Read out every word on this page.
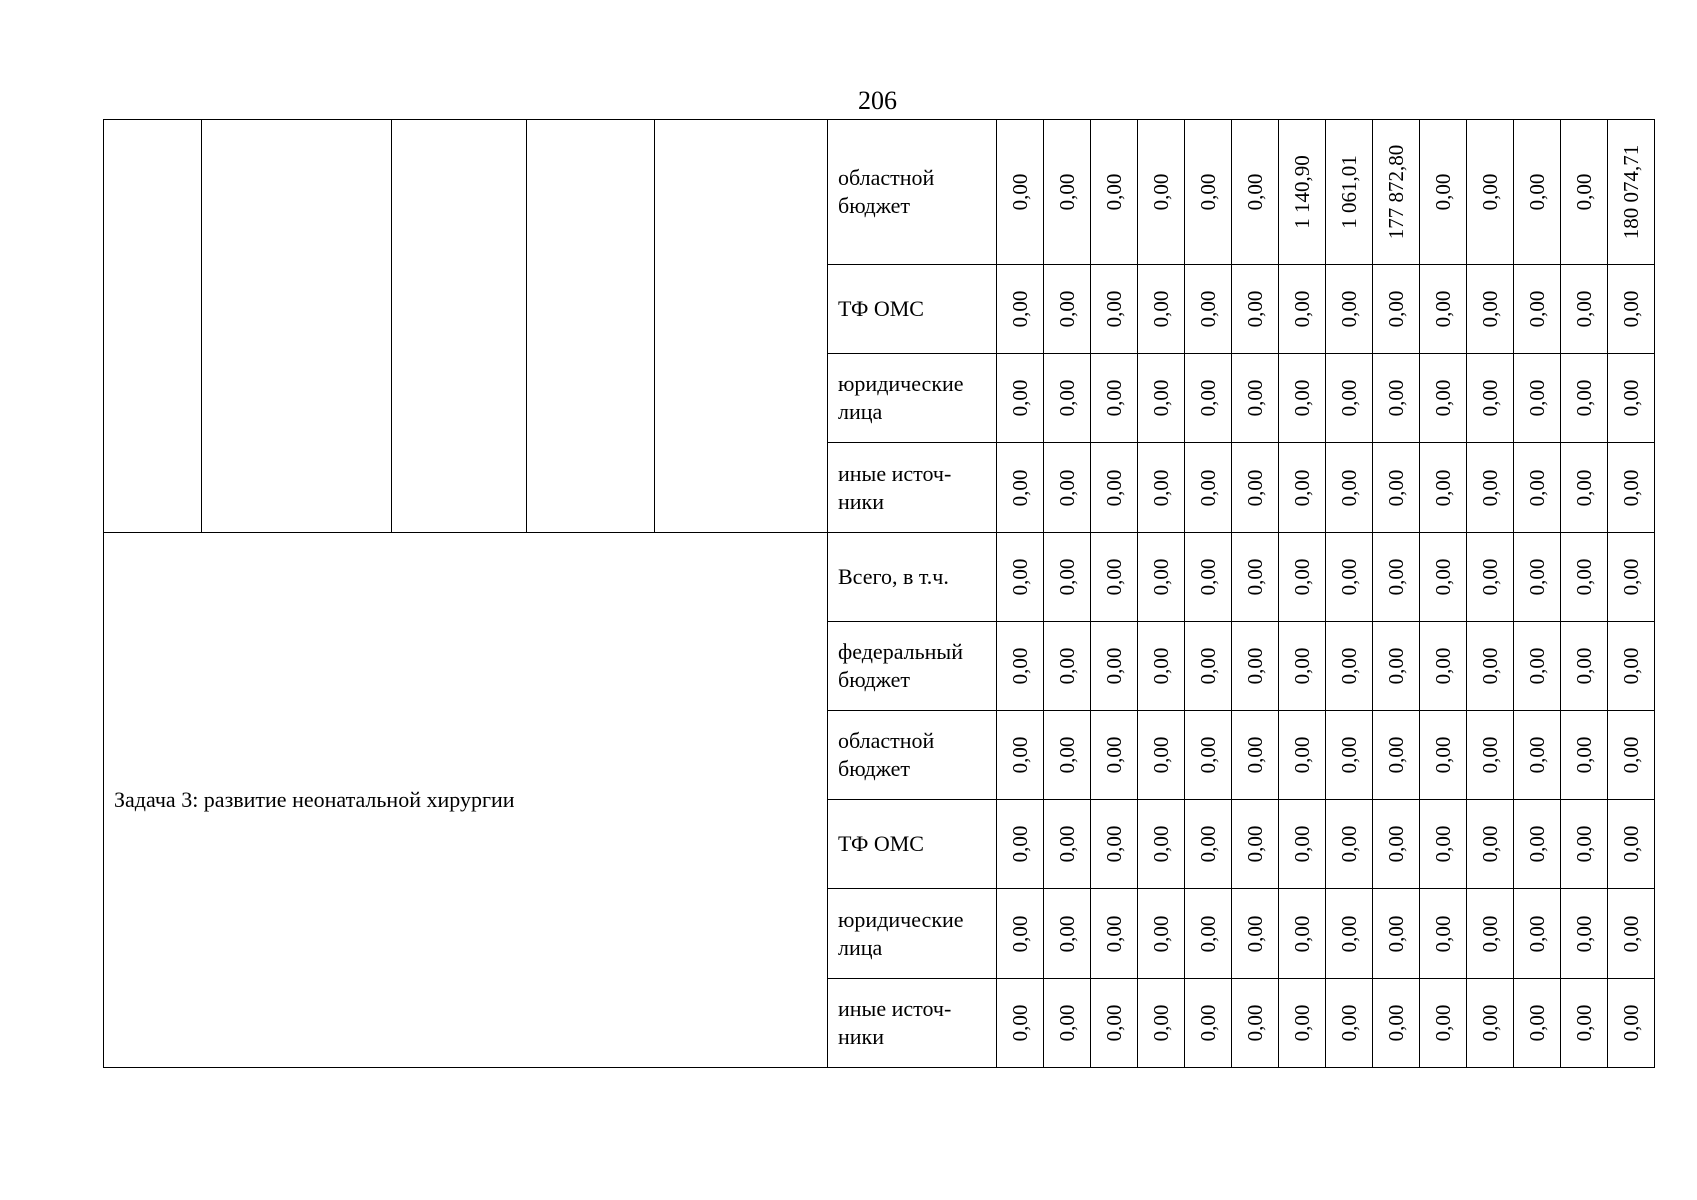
206
					областной бюджет	0,00	0,00	0,00	0,00	0,00	0,00	1 140,90	1 061,01	177 872,80	0,00	0,00	0,00	0,00	180 074,71

					ТФ ОМС	0,00	0,00	0,00	0,00	0,00	0,00	0,00	0,00	0,00	0,00	0,00	0,00	0,00	0,00

					юридические лица	0,00	0,00	0,00	0,00	0,00	0,00	0,00	0,00	0,00	0,00	0,00	0,00	0,00	0,00

					иные источ-ники	0,00	0,00	0,00	0,00	0,00	0,00	0,00	0,00	0,00	0,00	0,00	0,00	0,00	0,00

Задача 3: развитие неонатальной хирургии					Всего, в т.ч.	0,00	0,00	0,00	0,00	0,00	0,00	0,00	0,00	0,00	0,00	0,00	0,00	0,00	0,00

					федеральный бюджет	0,00	0,00	0,00	0,00	0,00	0,00	0,00	0,00	0,00	0,00	0,00	0,00	0,00	0,00

					областной бюджет	0,00	0,00	0,00	0,00	0,00	0,00	0,00	0,00	0,00	0,00	0,00	0,00	0,00	0,00

					ТФ ОМС	0,00	0,00	0,00	0,00	0,00	0,00	0,00	0,00	0,00	0,00	0,00	0,00	0,00	0,00

					юридические лица	0,00	0,00	0,00	0,00	0,00	0,00	0,00	0,00	0,00	0,00	0,00	0,00	0,00	0,00

					иные источ-ники	0,00	0,00	0,00	0,00	0,00	0,00	0,00	0,00	0,00	0,00	0,00	0,00	0,00	0,00
